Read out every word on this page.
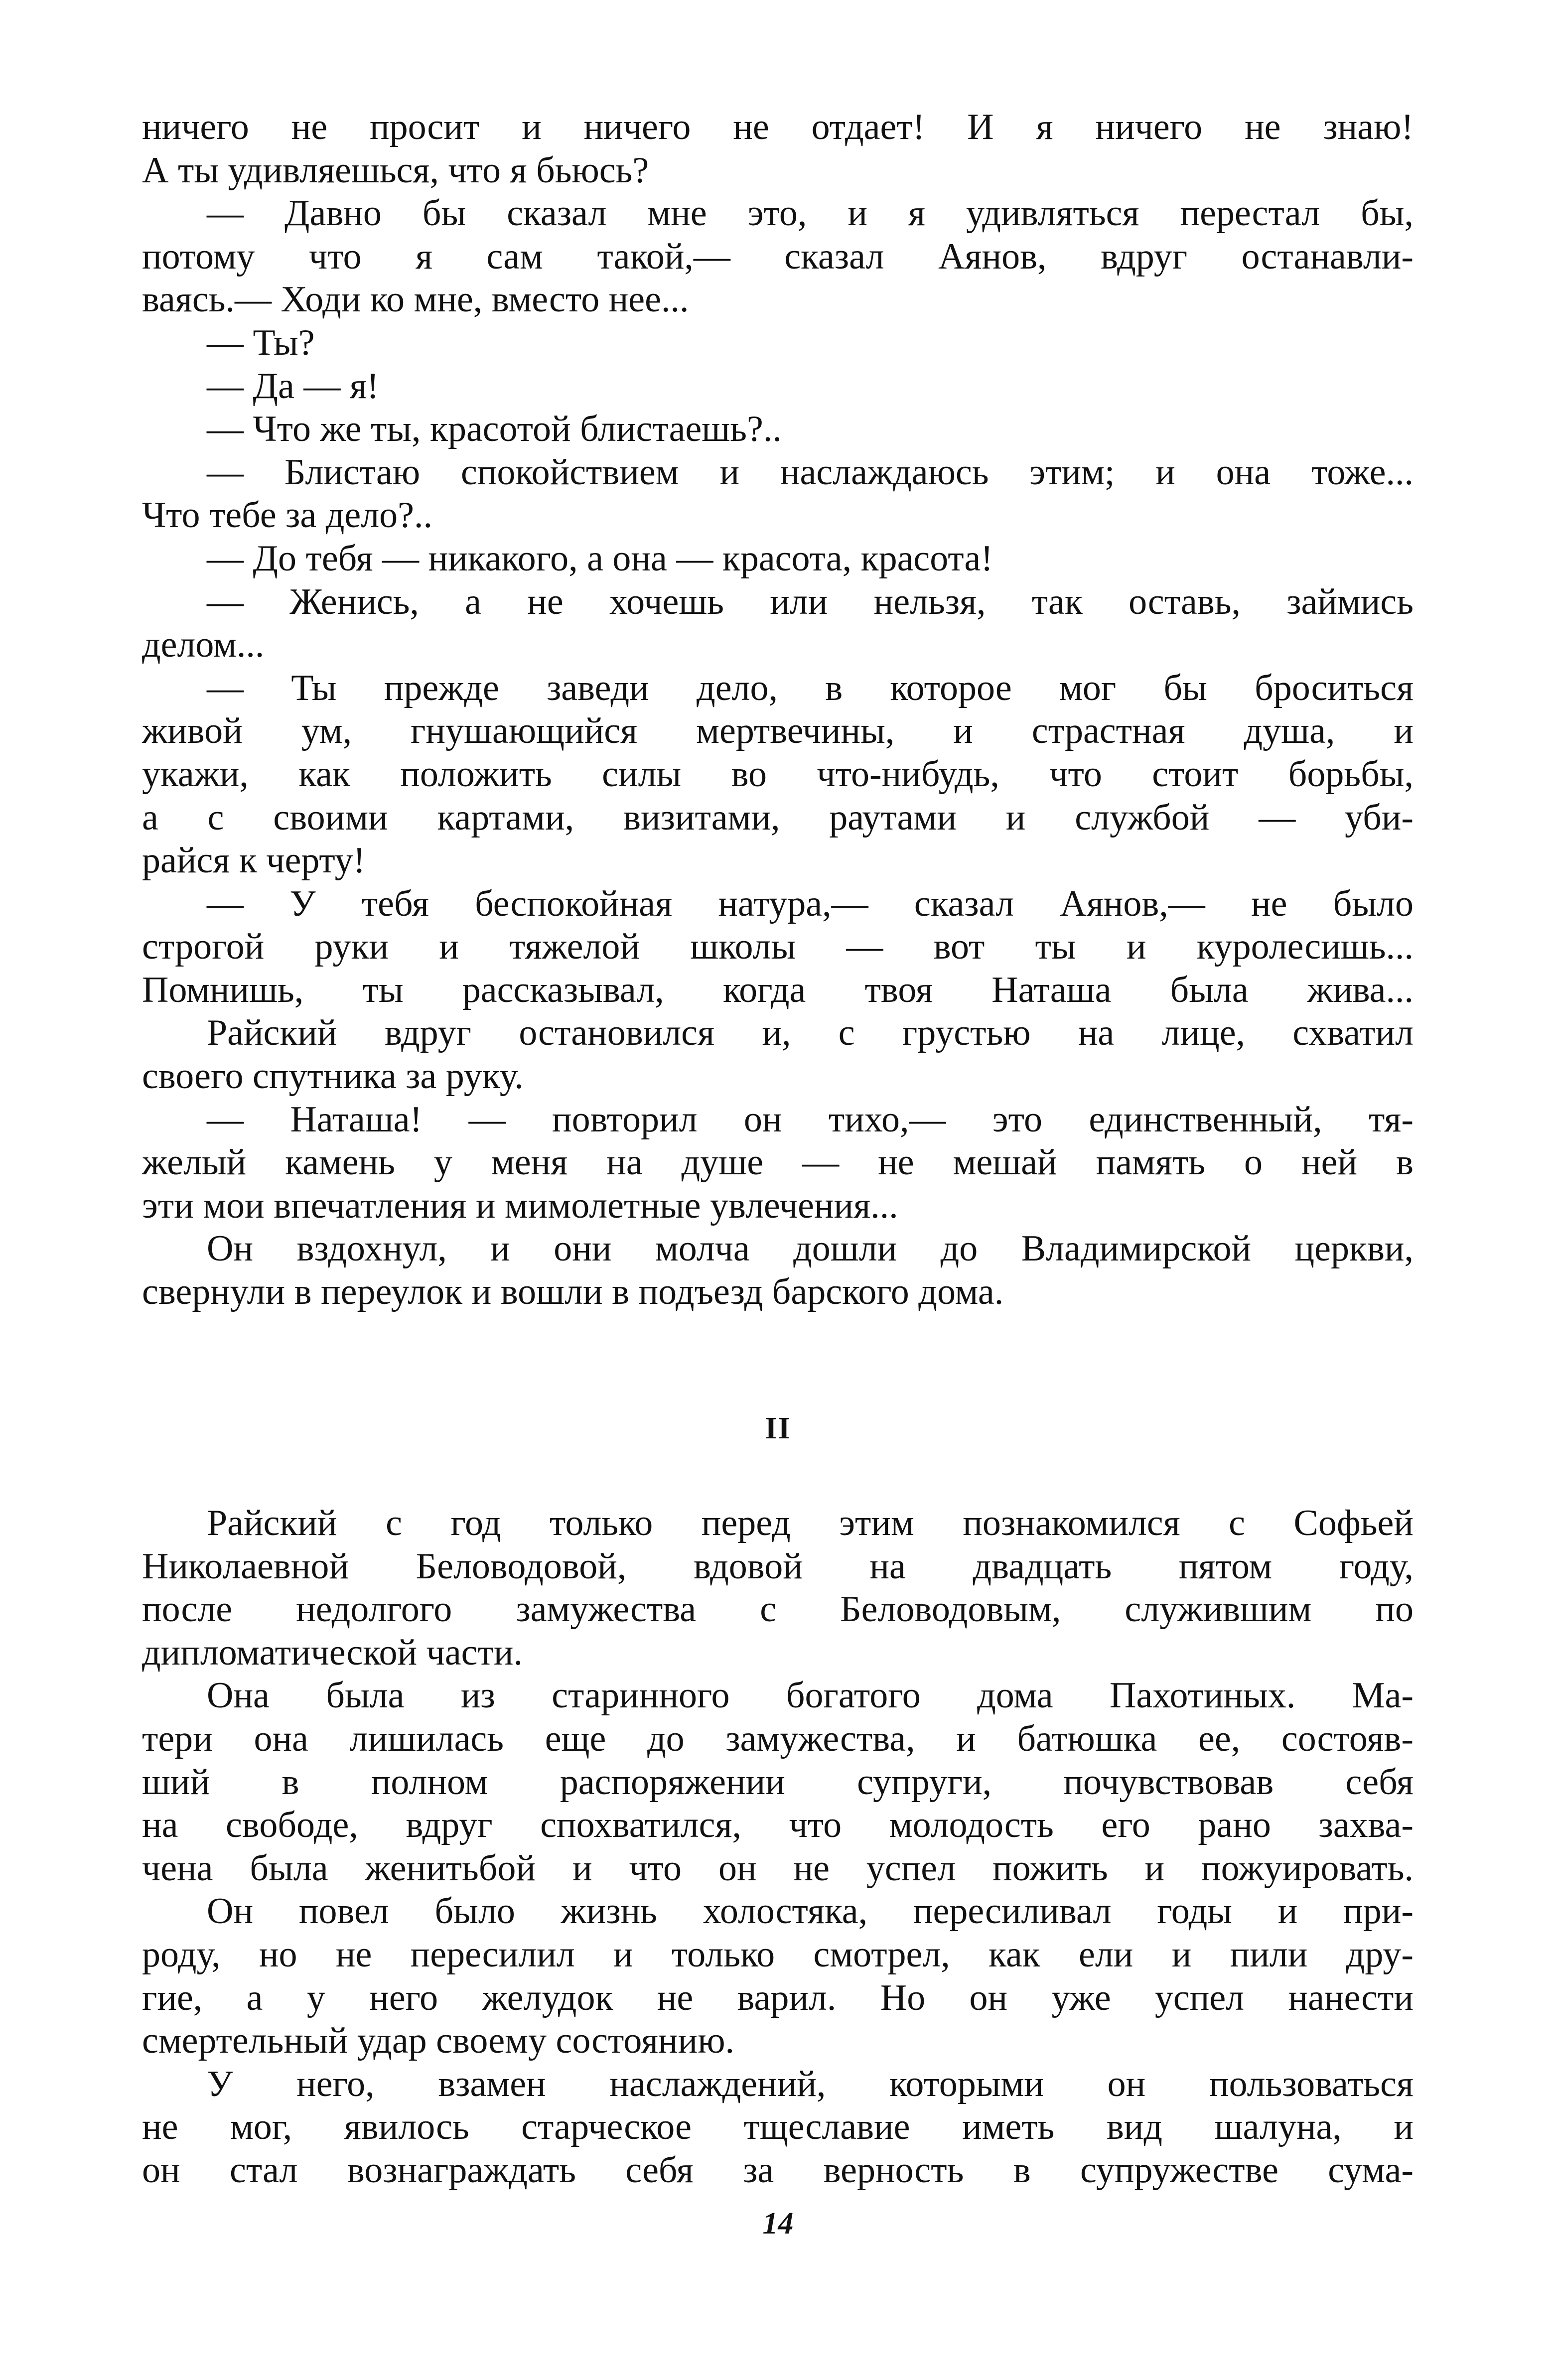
ничего не просит и ничего не отдает! И я ничего не знаю!
А ты удивляешься, что я бьюсь?
— Давно бы сказал мне это, и я удивляться перестал бы,
потому что я сам такой,— сказал Аянов, вдруг останавли-
ваясь.— Ходи ко мне, вместо нее...
— Ты?
— Да — я!
— Что же ты, красотой блистаешь?..
— Блистаю спокойствием и наслаждаюсь этим; и она тоже...
Что тебе за дело?..
— До тебя — никакого, а она — красота, красота!
— Женись, а не хочешь или нельзя, так оставь, займись
делом...
— Ты прежде заведи дело, в которое мог бы броситься
живой ум, гнушающийся мертвечины, и страстная душа, и
укажи, как положить силы во что-нибудь, что стоит борьбы,
а с своими картами, визитами, раутами и службой — уби-
райся к черту!
— У тебя беспокойная натура,— сказал Аянов,— не было
строгой руки и тяжелой школы — вот ты и куролесишь...
Помнишь, ты рассказывал, когда твоя Наташа была жива...
Райский вдруг остановился и, с грустью на лице, схватил
своего спутника за руку.
— Наташа! — повторил он тихо,— это единственный, тя-
желый камень у меня на душе — не мешай память о ней в
эти мои впечатления и мимолетные увлечения...
Он вздохнул, и они молча дошли до Владимирской церкви,
свернули в переулок и вошли в подъезд барского дома.
II
Райский с год только перед этим познакомился с Софьей
Николаевной Беловодовой, вдовой на двадцать пятом году,
после недолгого замужества с Беловодовым, служившим по
дипломатической части.
Она была из старинного богатого дома Пахотиных. Ма-
тери она лишилась еще до замужества, и батюшка ее, состояв-
ший в полном распоряжении супруги, почувствовав себя
на свободе, вдруг спохватился, что молодость его рано захва-
чена была женитьбой и что он не успел пожить и пожуировать.
Он повел было жизнь холостяка, пересиливал годы и при-
роду, но не пересилил и только смотрел, как ели и пили дру-
гие, а у него желудок не варил. Но он уже успел нанести
смертельный удар своему состоянию.
У него, взамен наслаждений, которыми он пользоваться
не мог, явилось старческое тщеславие иметь вид шалуна, и
он стал вознаграждать себя за верность в супружестве сума-
14
